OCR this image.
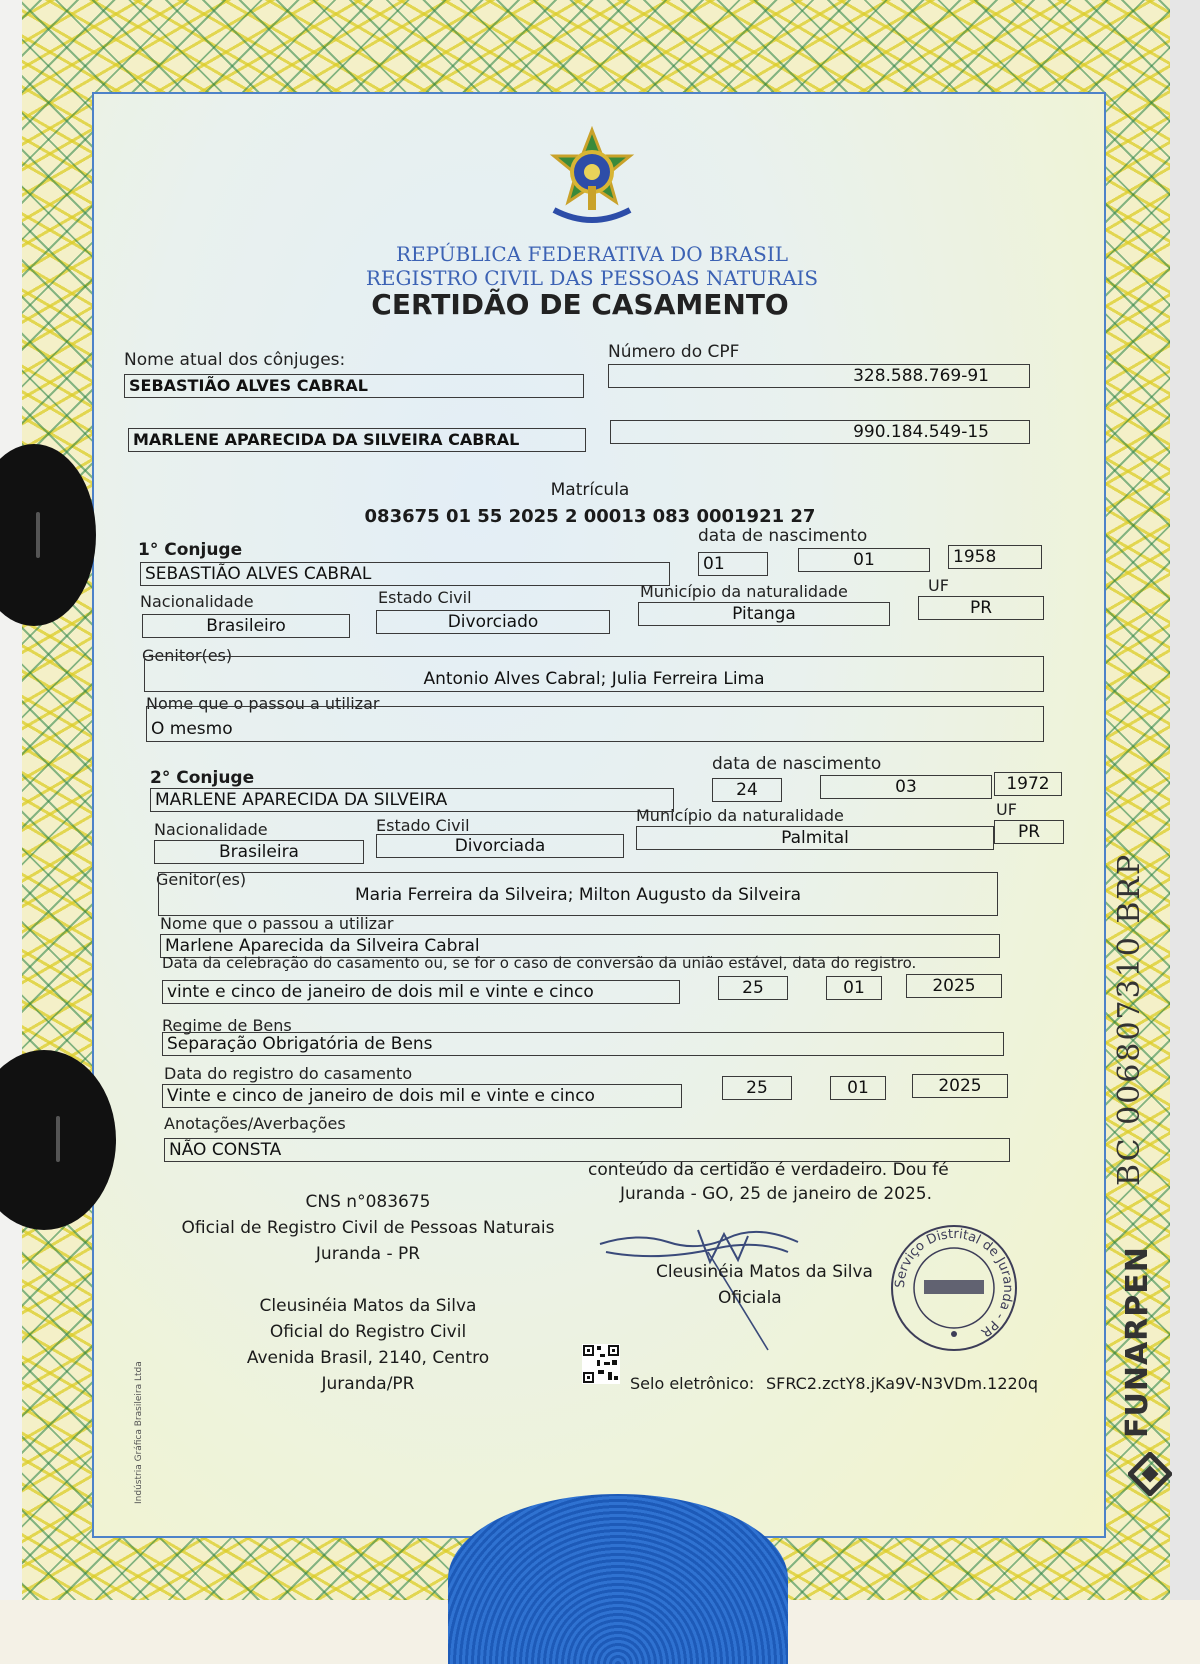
REPÚBLICA FEDERATIVA DO BRASIL
REGISTRO CIVIL DAS PESSOAS NATURAIS
CERTIDÃO DE CASAMENTO
Nome atual dos cônjuges:	Número do CPF
SEBASTIÃO ALVES CABRAL	328.588.769-91
MARLENE APARECIDA DA SILVEIRA CABRAL	990.184.549-15
Matrícula
083675 01 55 2025 2 00013 083 0001921 27
1° Conjuge
data de nascimento
SEBASTIÃO ALVES CABRAL	01	01	1958
Nacionalidade	Estado Civil	Município da naturalidade	UF
Brasileiro	Divorciado	Pitanga	PR
Genitor(es)
Antonio Alves Cabral; Julia Ferreira Lima
Nome que o passou a utilizar
O mesmo
2° Conjuge
data de nascimento
MARLENE APARECIDA DA SILVEIRA	24	03	1972
Nacionalidade	Estado Civil
Município da naturalidade	UF
Brasileira	Divorciada	Palmital	PR
Genitor(es)
Maria Ferreira da Silveira; Milton Augusto da Silveira
Nome que o passou a utilizar
Marlene Aparecida da Silveira Cabral
Data da celebração do casamento ou, se for o caso de conversão da união estável, data do registro.
vinte e cinco de janeiro de dois mil e vinte e cinco	25	01	2025
Regime de Bens
Separação Obrigatória de Bens
Data do registro do casamento
Vinte e cinco de janeiro de dois mil e vinte e cinco	25	01	2025
Anotações/Averbações
NÃO CONSTA
conteúdo da certidão é verdadeiro. Dou fé
Juranda - GO, 25 de janeiro de 2025.
CNS n°083675
Oficial de Registro Civil de Pessoas Naturais
Juranda - PR
Cleusinéia Matos da Silva
Oficial do Registro Civil
Avenida Brasil, 2140, Centro
Juranda/PR
Cleusinéia Matos da Silva
Oficiala
Serviço Distrital de Juranda - PR
Selo eletrônico: SFRC2.zctY8.jKa9V-N3VDm.1220q
Indústria Gráfica Brasileira Ltda
BC 006807310 BRP
FUNARPEN
